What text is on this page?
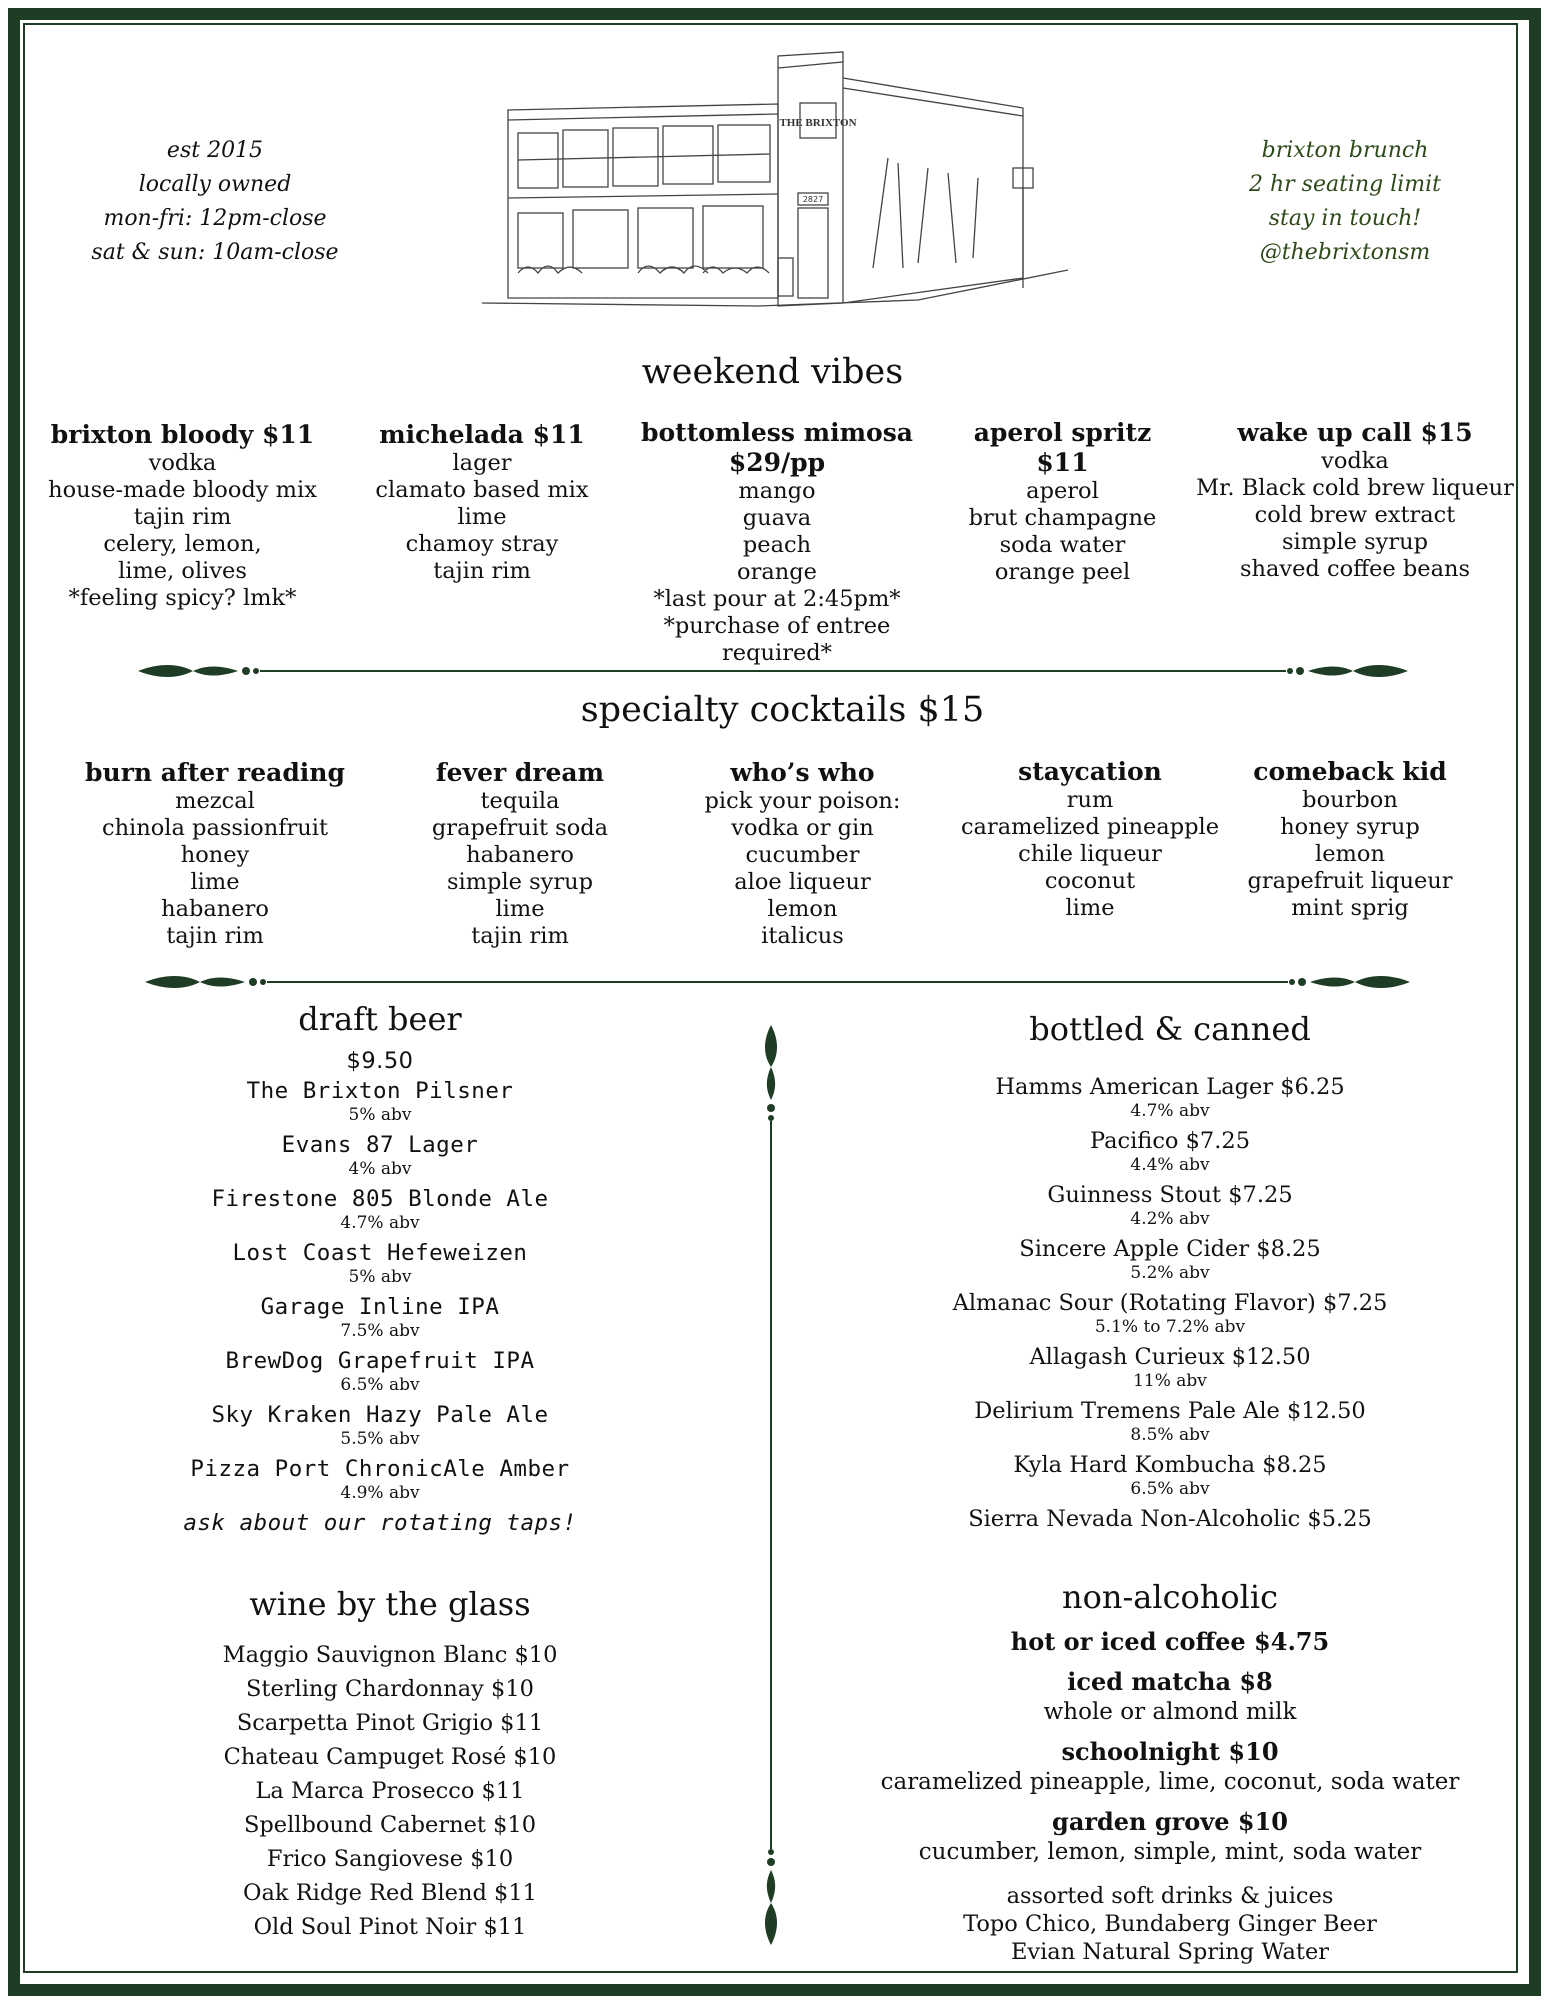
est 2015
locally owned
mon-fri: 12pm-close
sat & sun: 10am-close
brixton brunch
2 hr seating limit
stay in touch!
@thebrixtonsm
THE BRIXTON
2827
weekend vibes
brixton bloody $11
vodka
house-made bloody mix
tajin rim
celery, lemon,
lime, olives
*feeling spicy? lmk*
michelada $11
lager
clamato based mix
lime
chamoy stray
tajin rim
bottomless mimosa
$29/pp
mango
guava
peach
orange
*last pour at 2:45pm*
*purchase of entree required*
aperol spritz $11
aperol
brut champagne
soda water
orange peel
wake up call $15
vodka
Mr. Black cold brew liqueur
cold brew extract
simple syrup
shaved coffee beans
specialty cocktails $15
burn after reading
mezcal
chinola passionfruit
honey
lime
habanero
tajin rim
fever dream
tequila
grapefruit soda
habanero
simple syrup
lime
tajin rim
who’s who
pick your poison:
vodka or gin
cucumber
aloe liqueur
lemon
italicus
staycation
rum
caramelized pineapple
chile liqueur
coconut
lime
comeback kid
bourbon
honey syrup
lemon
grapefruit liqueur
mint sprig
draft beer
$9.50
The Brixton Pilsner
5% abv
Evans 87 Lager
4% abv
Firestone 805 Blonde Ale
4.7% abv
Lost Coast Hefeweizen
5% abv
Garage Inline IPA
7.5% abv
BrewDog Grapefruit IPA
6.5% abv
Sky Kraken Hazy Pale Ale
5.5% abv
Pizza Port ChronicAle Amber
4.9% abv
ask about our rotating taps!
wine by the glass
Maggio Sauvignon Blanc $10
Sterling Chardonnay $10
Scarpetta Pinot Grigio $11
Chateau Campuget Rosé $10
La Marca Prosecco $11
Spellbound Cabernet $10
Frico Sangiovese $10
Oak Ridge Red Blend $11
Old Soul Pinot Noir $11
bottled & canned
Hamms American Lager $6.25
4.7% abv
Pacifico $7.25
4.4% abv
Guinness Stout $7.25
4.2% abv
Sincere Apple Cider $8.25
5.2% abv
Almanac Sour (Rotating Flavor) $7.25
5.1% to 7.2% abv
Allagash Curieux $12.50
11% abv
Delirium Tremens Pale Ale $12.50
8.5% abv
Kyla Hard Kombucha $8.25
6.5% abv
Sierra Nevada Non-Alcoholic $5.25
non-alcoholic
hot or iced coffee $4.75
iced matcha $8
whole or almond milk
schoolnight $10
caramelized pineapple, lime, coconut, soda water
garden grove $10
cucumber, lemon, simple, mint, soda water
assorted soft drinks & juices
Topo Chico, Bundaberg Ginger Beer
Evian Natural Spring Water
